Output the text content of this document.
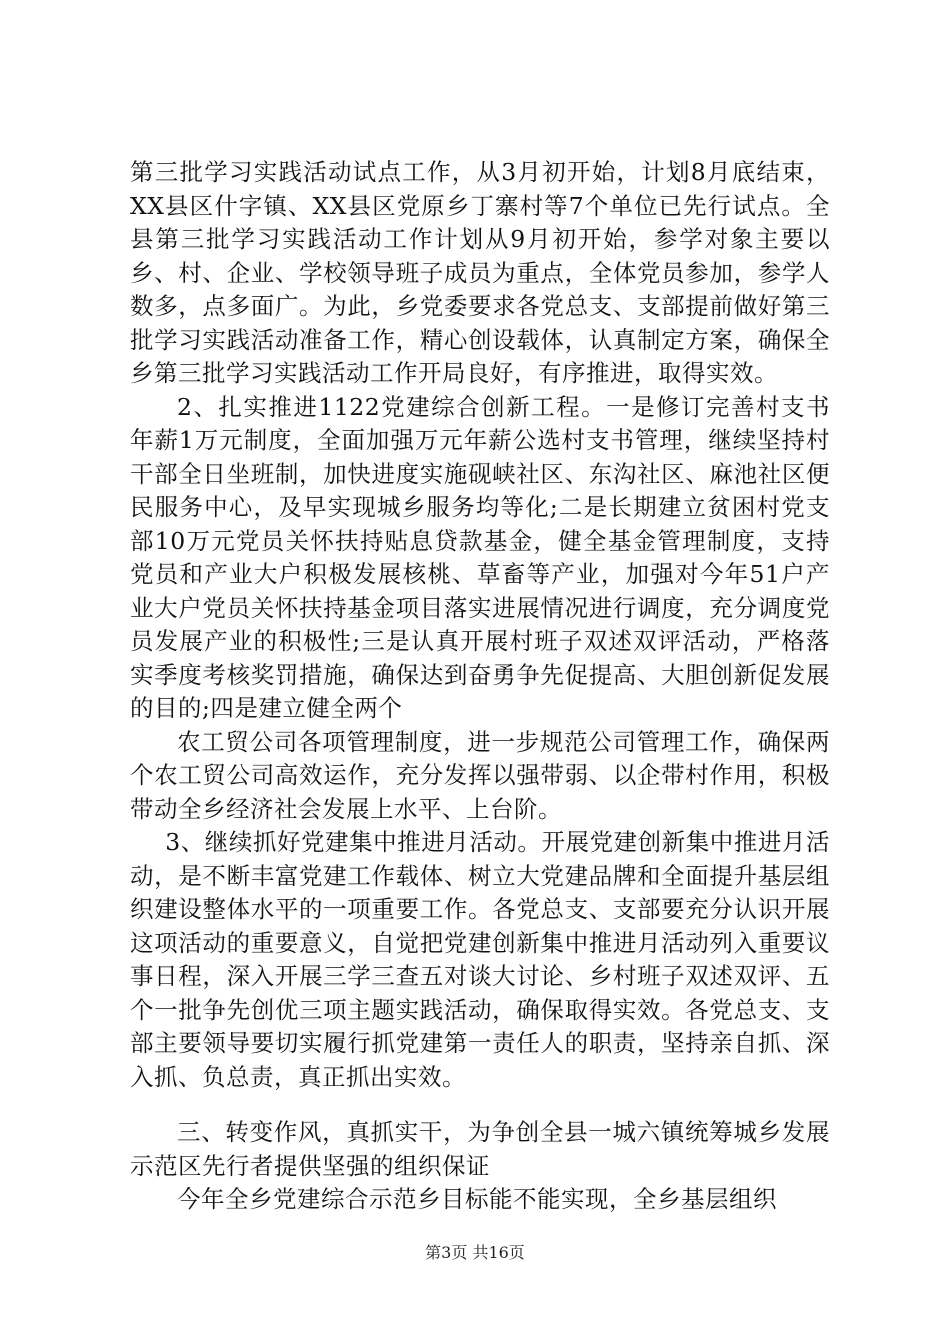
第三批学习实践活动试点工作，从3月初开始，计划8月底结束，XX县区什字镇、XX县区党原乡丁寨村等7个单位已先行试点。全县第三批学习实践活动工作计划从9月初开始，参学对象主要以乡、村、企业、学校领导班子成员为重点，全体党员参加，参学人数多，点多面广。为此，乡党委要求各党总支、支部提前做好第三批学习实践活动准备工作，精心创设载体，认真制定方案，确保全乡第三批学习实践活动工作开局良好，有序推进，取得实效。

2、扎实推进1122党建综合创新工程。一是修订完善村支书年薪1万元制度，全面加强万元年薪公选村支书管理，继续坚持村干部全日坐班制，加快进度实施砚峡社区、东沟社区、麻池社区便民服务中心，及早实现城乡服务均等化;二是长期建立贫困村党支部10万元党员关怀扶持贴息贷款基金，健全基金管理制度，支持党员和产业大户积极发展核桃、草畜等产业，加强对今年51户产业大户党员关怀扶持基金项目落实进展情况进行调度，充分调度党员发展产业的积极性;三是认真开展村班子双述双评活动，严格落实季度考核奖罚措施，确保达到奋勇争先促提高、大胆创新促发展的目的;四是建立健全两个

农工贸公司各项管理制度，进一步规范公司管理工作，确保两个农工贸公司高效运作，充分发挥以强带弱、以企带村作用，积极带动全乡经济社会发展上水平、上台阶。

3、继续抓好党建集中推进月活动。开展党建创新集中推进月活动，是不断丰富党建工作载体、树立大党建品牌和全面提升基层组织建设整体水平的一项重要工作。各党总支、支部要充分认识开展这项活动的重要意义，自觉把党建创新集中推进月活动列入重要议事日程，深入开展三学三查五对谈大讨论、乡村班子双述双评、五个一批争先创优三项主题实践活动，确保取得实效。各党总支、支部主要领导要切实履行抓党建第一责任人的职责，坚持亲自抓、深入抓、负总责，真正抓出实效。

三、转变作风，真抓实干，为争创全县一城六镇统筹城乡发展示范区先行者提供坚强的组织保证

今年全乡党建综合示范乡目标能不能实现，全乡基层组织

第3页 共16页
